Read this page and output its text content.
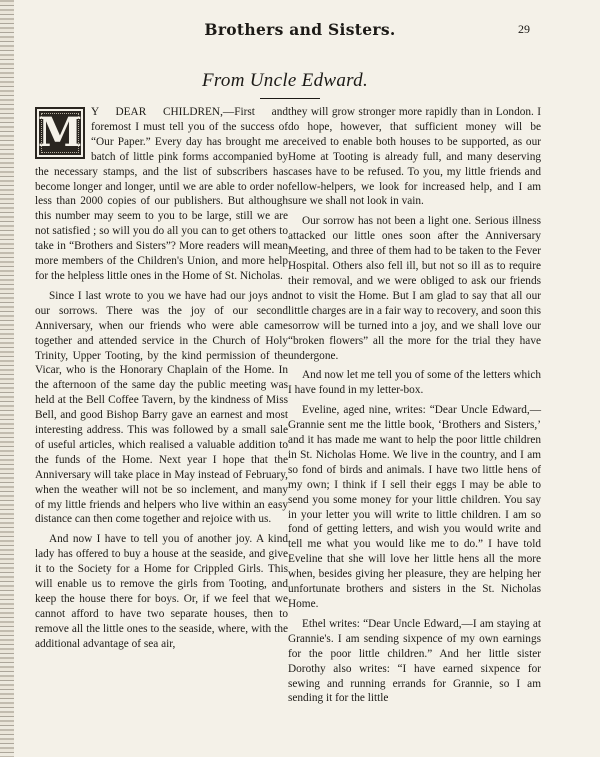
Brothers and Sisters.	29
From Uncle Edward.

M Y DEAR CHILDREN,—First and foremost I must tell you of the success of “Our Paper.” Every day has brought me a batch of little pink forms accompanied by the necessary stamps, and the list of subscribers has become longer and longer, until we are able to order no less than 2000 copies of our publishers. But although this number may seem to you to be large, still we are not satisfied ; so will you do all you can to get others to take in “Brothers and Sisters”? More readers will mean more members of the Children's Union, and more help for the helpless little ones in the Home of St. Nicholas.

Since I last wrote to you we have had our joys and our sorrows. There was the joy of our second Anniversary, when our friends who were able came together and attended service in the Church of Holy Trinity, Upper Tooting, by the kind permission of the Vicar, who is the Honorary Chaplain of the Home. In the afternoon of the same day the public meeting was held at the Bell Coffee Tavern, by the kindness of Miss Bell, and good Bishop Barry gave an earnest and most interesting address. This was followed by a small sale of useful articles, which realised a valuable addition to the funds of the Home. Next year I hope that the Anniversary will take place in May instead of February, when the weather will not be so inclement, and many of my little friends and helpers who live within an easy distance can then come together and rejoice with us.

And now I have to tell you of another joy. A kind lady has offered to buy a house at the seaside, and give it to the Society for a Home for Crippled Girls. This will enable us to remove the girls from Tooting, and keep the house there for boys. Or, if we feel that we cannot afford to have two separate houses, then to remove all the little ones to the seaside, where, with the additional advantage of sea air,

they will grow stronger more rapidly than in London. I do hope, however, that sufficient money will be received to enable both houses to be supported, as our Home at Tooting is already full, and many deserving cases have to be refused. To you, my little friends and fellow-helpers, we look for increased help, and I am sure we shall not look in vain.

Our sorrow has not been a light one. Serious illness attacked our little ones soon after the Anniversary Meeting, and three of them had to be taken to the Fever Hospital. Others also fell ill, but not so ill as to require their removal, and we were obliged to ask our friends not to visit the Home. But I am glad to say that all our little charges are in a fair way to recovery, and soon this sorrow will be turned into a joy, and we shall love our “broken flowers” all the more for the trial they have undergone.

And now let me tell you of some of the letters which I have found in my letter-box.

Eveline, aged nine, writes: “Dear Uncle Edward,—Grannie sent me the little book, ‘Brothers and Sisters,’ and it has made me want to help the poor little children in St. Nicholas Home. We live in the country, and I am so fond of birds and animals. I have two little hens of my own; I think if I sell their eggs I may be able to send you some money for your little children. You say in your letter you will write to little children. I am so fond of getting letters, and wish you would write and tell me what you would like me to do.” I have told Eveline that she will love her little hens all the more when, besides giving her pleasure, they are helping her unfortunate brothers and sisters in the St. Nicholas Home.

Ethel writes: “Dear Uncle Edward,—I am staying at Grannie's. I am sending sixpence of my own earnings for the poor little children.” And her little sister Dorothy also writes: “I have earned sixpence for sewing and running errands for Grannie, so I am sending it for the little
